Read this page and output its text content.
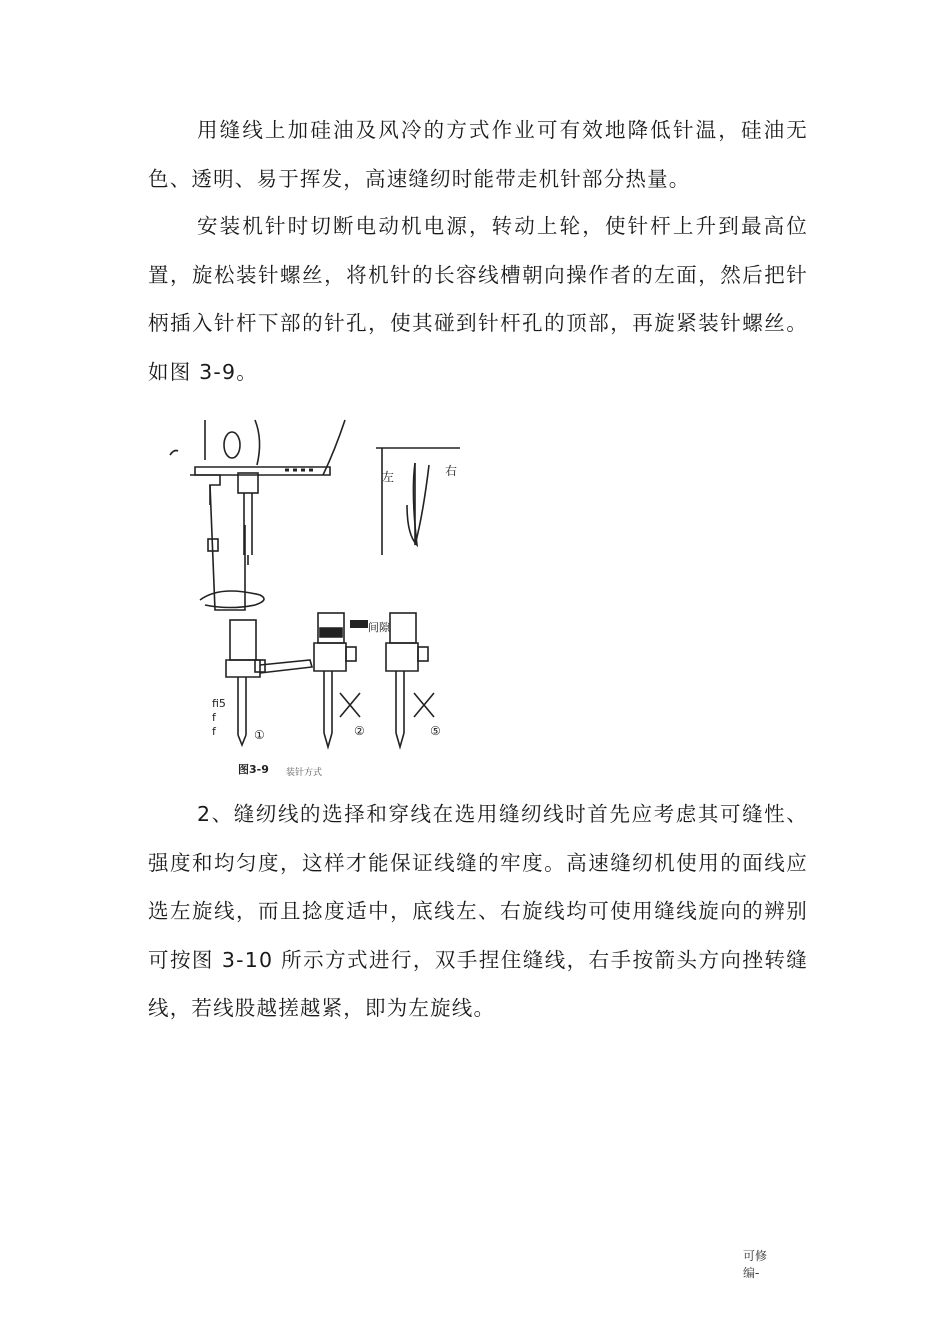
用缝线上加硅油及风冷的方式作业可有效地降低针温，硅油无色、透明、易于挥发，高速缝纫时能带走机针部分热量。

安装机针时切断电动机电源，转动上轮，使针杆上升到最高位置，旋松装针螺丝，将机针的长容线槽朝向操作者的左面，然后把针柄插入针杆下部的针孔，使其碰到针杆孔的顶部，再旋紧装针螺丝。如图 3-9。

左	右
间隙
fi5
f
f	①	②	⑤
图3-9 装针方式

2、缝纫线的选择和穿线在选用缝纫线时首先应考虑其可缝性、强度和均匀度，这样才能保证线缝的牢度。高速缝纫机使用的面线应选左旋线，而且捻度适中，底线左、右旋线均可使用缝线旋向的辨别可按图 3-10 所示方式进行，双手捏住缝线，右手按箭头方向挫转缝线，若线股越搓越紧，即为左旋线。

可修
编-
